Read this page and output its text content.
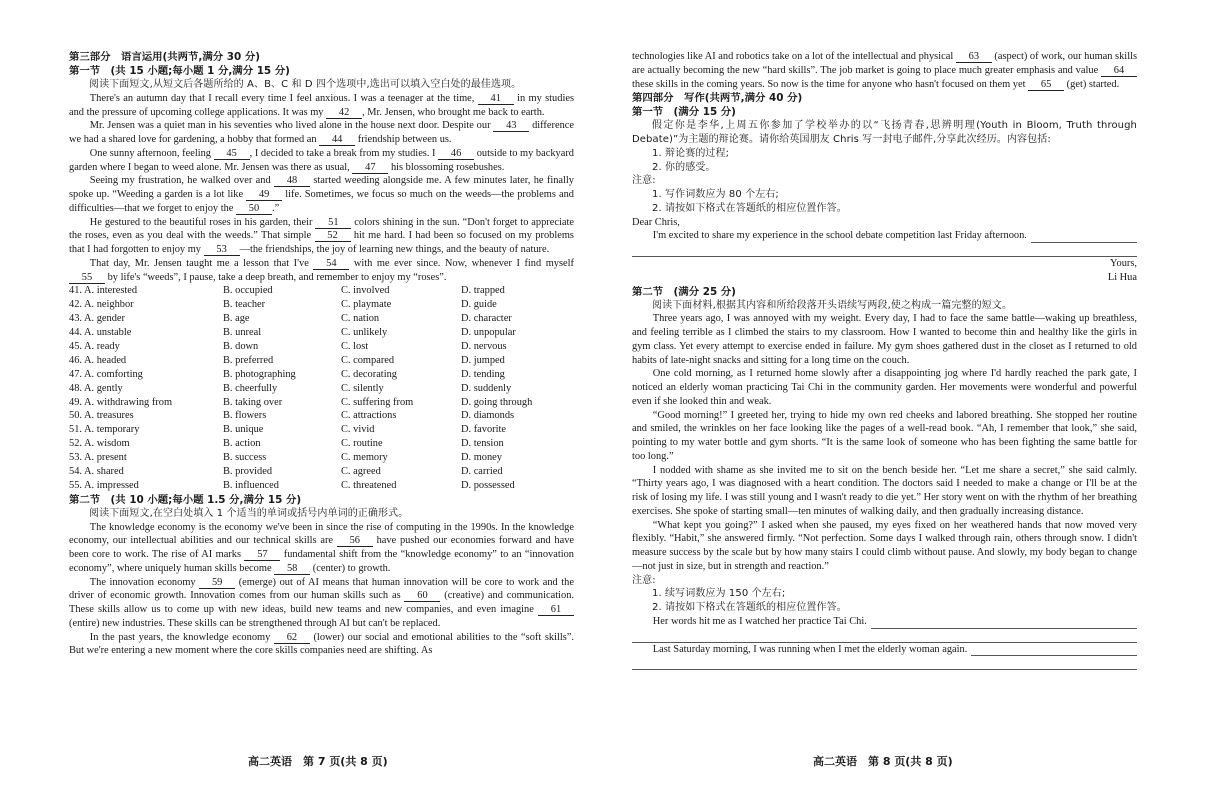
第三部分　语言运用(共两节,满分 30 分)
第一节　(共 15 小题;每小题 1 分,满分 15 分)

阅读下面短文,从短文后各题所给的 A、B、C 和 D 四个选项中,选出可以填入空白处的最佳选项。

There's an autumn day that I recall every time I feel anxious. I was a teenager at the time, 41 in my studies and the pressure of upcoming college applications. It was my 42 , Mr. Jensen, who brought me back to earth.

Mr. Jensen was a quiet man in his seventies who lived alone in the house next door. Despite our 43 difference we had a shared love for gardening, a hobby that formed an 44 friendship between us.

One sunny afternoon, feeling 45 , I decided to take a break from my studies. I 46 outside to my backyard garden where I began to weed alone. Mr. Jensen was there as usual, 47 his blossoming rosebushes.

Seeing my frustration, he walked over and 48 started weeding alongside me. A few minutes later, he finally spoke up. “Weeding a garden is a lot like 49 life. Sometimes, we focus so much on the weeds—the problems and difficulties—that we forget to enjoy the 50 .”

He gestured to the beautiful roses in his garden, their 51 colors shining in the sun. “Don't forget to appreciate the roses, even as you deal with the weeds.” That simple 52 hit me hard. I had been so focused on my problems that I had forgotten to enjoy my 53 —the friendships, the joy of learning new things, and the beauty of nature.

That day, Mr. Jensen taught me a lesson that I've 54 with me ever since. Now, whenever I find myself 55 by life's “weeds”, I pause, take a deep breath, and remember to enjoy my “roses”.

41. A. interested	B. occupied	C. involved	D. trapped
42. A. neighbor	B. teacher	C. playmate	D. guide
43. A. gender	B. age	C. nation	D. character
44. A. unstable	B. unreal	C. unlikely	D. unpopular
45. A. ready	B. down	C. lost	D. nervous
46. A. headed	B. preferred	C. compared	D. jumped
47. A. comforting	B. photographing	C. decorating	D. tending
48. A. gently	B. cheerfully	C. silently	D. suddenly
49. A. withdrawing from	B. taking over	C. suffering from	D. going through
50. A. treasures	B. flowers	C. attractions	D. diamonds
51. A. temporary	B. unique	C. vivid	D. favorite
52. A. wisdom	B. action	C. routine	D. tension
53. A. present	B. success	C. memory	D. money
54. A. shared	B. provided	C. agreed	D. carried
55. A. impressed	B. influenced	C. threatened	D. possessed
第二节　(共 10 小题;每小题 1.5 分,满分 15 分)

阅读下面短文,在空白处填入 1 个适当的单词或括号内单词的正确形式。

The knowledge economy is the economy we've been in since the rise of computing in the 1990s. In the knowledge economy, our intellectual abilities and our technical skills are 56 have pushed our economies forward and have been core to work. The rise of AI marks 57 fundamental shift from the “knowledge economy” to an “innovation economy”, where uniquely human skills become 58 (center) to growth.

The innovation economy 59 (emerge) out of AI means that human innovation will be core to work and the driver of economic growth. Innovation comes from our human skills such as 60 (creative) and communication. These skills allow us to come up with new ideas, build new teams and new companies, and even imagine 61 (entire) new industries. These skills can be strengthened through AI but can't be replaced.

In the past years, the knowledge economy 62 (lower) our social and emotional abilities to the “soft skills”. But we're entering a new moment where the core skills companies need are shifting. As

高二英语　第 7 页(共 8 页)

technologies like AI and robotics take on a lot of the intellectual and physical 63 (aspect) of work, our human skills are actually becoming the new “hard skills”. The job market is going to place much greater emphasis and value 64 these skills in the coming years. So now is the time for anyone who hasn't focused on them yet 65 (get) started.

第四部分　写作(共两节,满分 40 分)
第一节　(满分 15 分)

假定你是李华,上周五你参加了学校举办的以“飞扬青春,思辨明理(Youth in Bloom, Truth through Debate)”为主题的辩论赛。请你给英国朋友 Chris 写一封电子邮件,分享此次经历。内容包括:

1. 辩论赛的过程;
2. 你的感受。
注意:
1. 写作词数应为 80 个左右;
2. 请按如下格式在答题纸的相应位置作答。
Dear Chris,
I'm excited to share my experience in the school debate competition last Friday afternoon.
Yours,
Li Hua
第二节　(满分 25 分)

阅读下面材料,根据其内容和所给段落开头语续写两段,使之构成一篇完整的短文。

Three years ago, I was annoyed with my weight. Every day, I had to face the same battle—waking up breathless, and feeling terrible as I climbed the stairs to my classroom. How I wanted to become thin and healthy like the girls in gym class. Yet every attempt to exercise ended in failure. My gym shoes gathered dust in the closet as I returned to old habits of late-night snacks and sitting for a long time on the couch.

One cold morning, as I returned home slowly after a disappointing jog where I'd hardly reached the park gate, I noticed an elderly woman practicing Tai Chi in the community garden. Her movements were wonderful and powerful even if she looked thin and weak.

“Good morning!” I greeted her, trying to hide my own red cheeks and labored breathing. She stopped her routine and smiled, the wrinkles on her face looking like the pages of a well-read book. “Ah, I remember that look,” she said, pointing to my water bottle and gym shorts. “It is the same look of someone who has been fighting the same battle for too long.”

I nodded with shame as she invited me to sit on the bench beside her. “Let me share a secret,” she said calmly. “Thirty years ago, I was diagnosed with a heart condition. The doctors said I needed to make a change or I'll be at the risk of losing my life. I was still young and I wasn't ready to die yet.” Her story went on with the rhythm of her breathing exercises. She spoke of starting small—ten minutes of walking daily, and then gradually increasing distance.

“What kept you going?” I asked when she paused, my eyes fixed on her weathered hands that now moved very flexibly. “Habit,” she answered firmly. “Not perfection. Some days I walked through rain, others through snow. I didn't measure success by the scale but by how many stairs I could climb without pause. And slowly, my body began to change—not just in size, but in strength and reaction.”

注意:
1. 续写词数应为 150 个左右;
2. 请按如下格式在答题纸的相应位置作答。
Her words hit me as I watched her practice Tai Chi.
Last Saturday morning, I was running when I met the elderly woman again.
高二英语　第 8 页(共 8 页)
